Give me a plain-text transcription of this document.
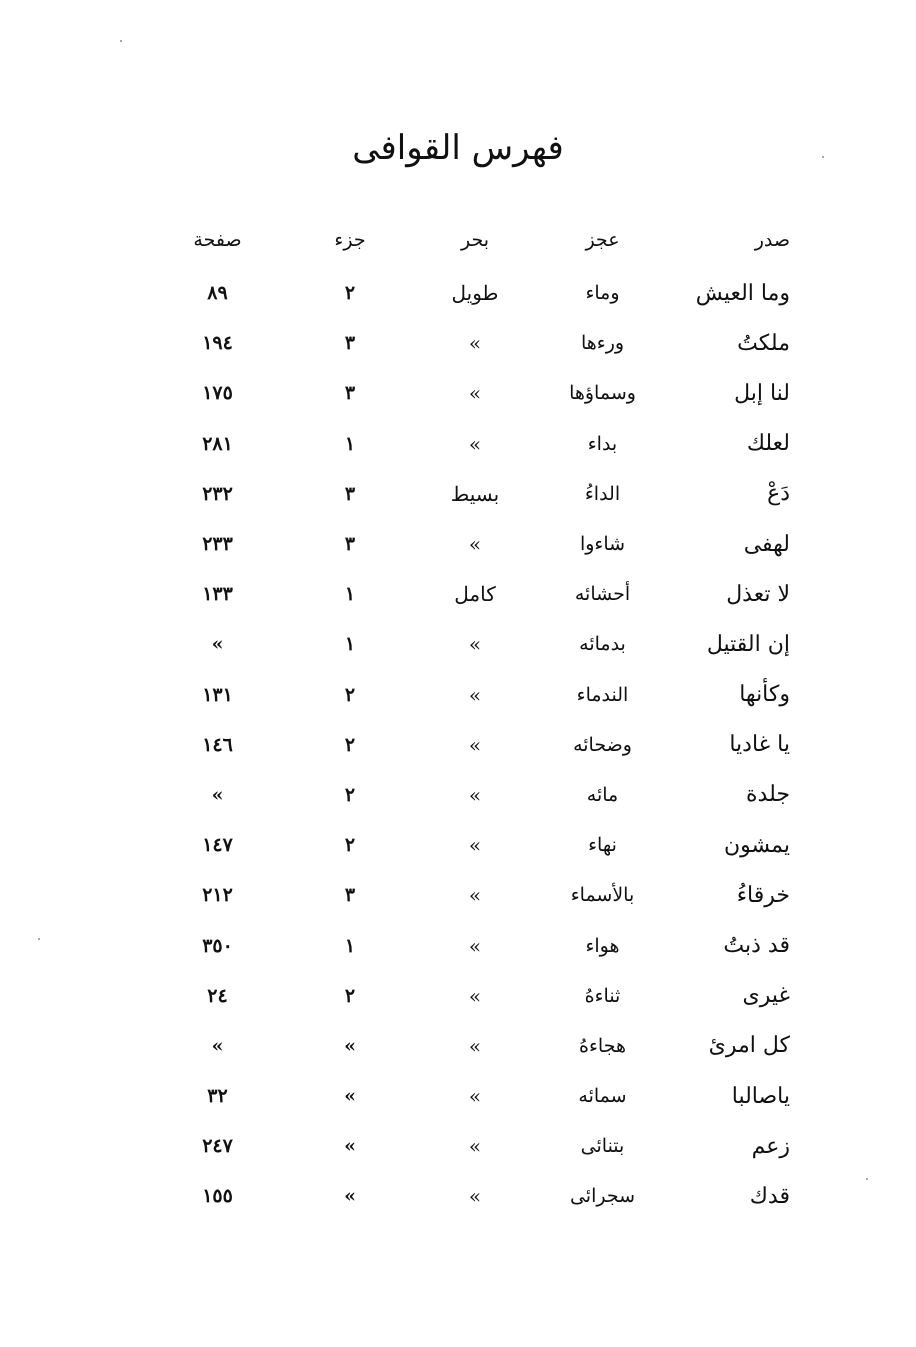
فهرس القوافى
صدر
عجز
بحر
جزء
صفحة
وما العيش
وماء
طويل
٢
٨٩
ملكتُ
ورءها
»
٣
١٩٤
لنا إبل
وسماؤها
»
٣
١٧٥
لعلك
بداء
»
١
٢٨١
دَعْ
الداءُ
بسيط
٣
٢٣٢
لهفى
شاءوا
»
٣
٢٣٣
لا تعذل
أحشائه
كامل
١
١٣٣
إن القتيل
بدمائه
»
١
»
وكأنها
الندماء
»
٢
١٣١
يا غاديا
وضحائه
»
٢
١٤٦
جلدة
مائه
»
٢
»
يمشون
نهاء
»
٢
١٤٧
خرقاءُ
بالأسماء
»
٣
٢١٢
قد ذبتُ
هواء
»
١
٣٥٠
غيرى
ثناءهُ
»
٢
٢٤
كل امرئ
هجاءهُ
»
»
»
ياصالبا
سمائه
»
»
٣٢
زعم
بتنائى
»
»
٢٤٧
قدك
سجرائى
»
»
١٥٥
